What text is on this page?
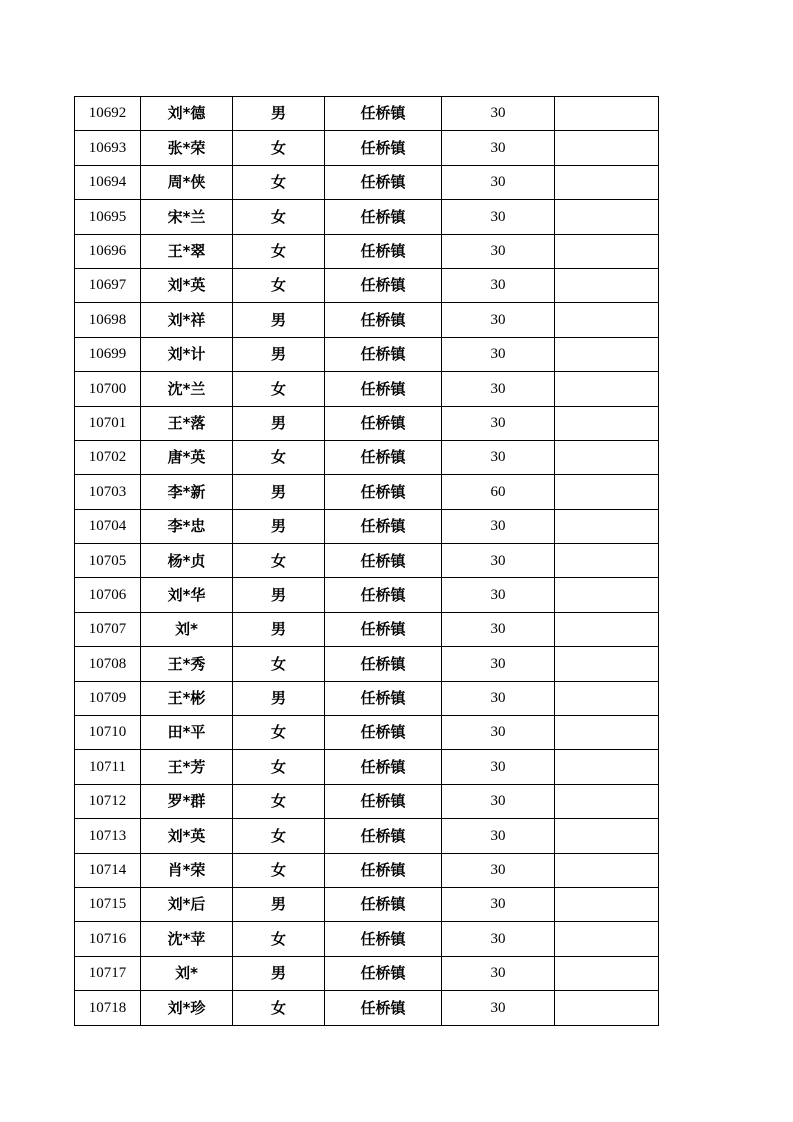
10692	刘*德	男	任桥镇	30	
10693	张*荣	女	任桥镇	30	
10694	周*侠	女	任桥镇	30	
10695	宋*兰	女	任桥镇	30	
10696	王*翠	女	任桥镇	30	
10697	刘*英	女	任桥镇	30	
10698	刘*祥	男	任桥镇	30	
10699	刘*计	男	任桥镇	30	
10700	沈*兰	女	任桥镇	30	
10701	王*落	男	任桥镇	30	
10702	唐*英	女	任桥镇	30	
10703	李*新	男	任桥镇	60	
10704	李*忠	男	任桥镇	30	
10705	杨*贞	女	任桥镇	30	
10706	刘*华	男	任桥镇	30	
10707	刘*	男	任桥镇	30	
10708	王*秀	女	任桥镇	30	
10709	王*彬	男	任桥镇	30	
10710	田*平	女	任桥镇	30	
10711	王*芳	女	任桥镇	30	
10712	罗*群	女	任桥镇	30	
10713	刘*英	女	任桥镇	30	
10714	肖*荣	女	任桥镇	30	
10715	刘*后	男	任桥镇	30	
10716	沈*苹	女	任桥镇	30	
10717	刘*	男	任桥镇	30	
10718	刘*珍	女	任桥镇	30	
